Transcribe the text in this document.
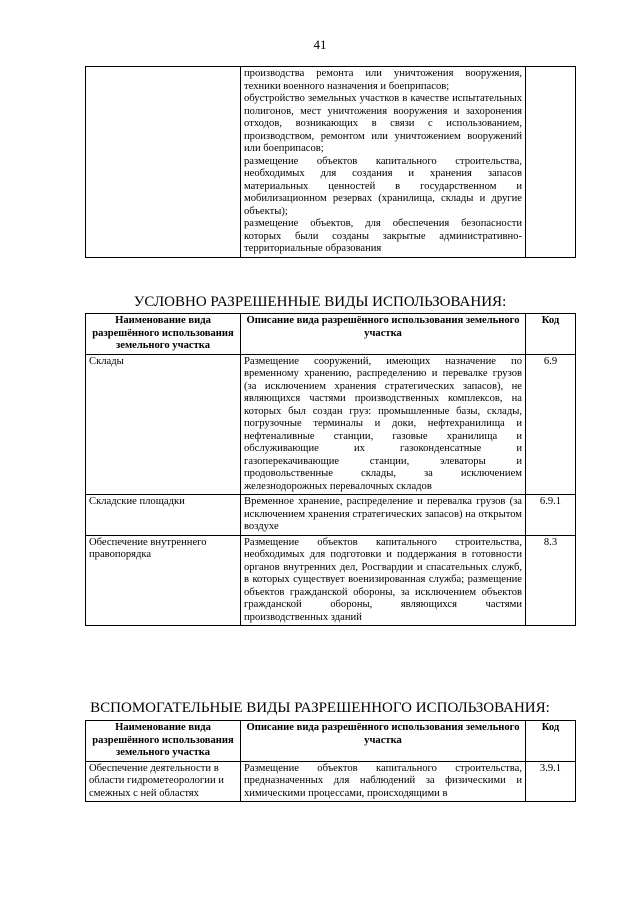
41

производства ремонта или уничтожения вооружения, техники военного назначения и боеприпасов;

обустройство земельных участков в качестве испытательных полигонов, мест уничтожения вооружения и захоронения отходов, возникающих в связи с использованием, производством, ремонтом или уничтожением вооружений или боеприпасов;

размещение объектов капитального строительства, необходимых для создания и хранения запасов материальных ценностей в государственном и мобилизационном резервах (хранилища, склады и другие объекты);

размещение объектов, для обеспечения безопасности которых были созданы закрытые административно-территориальные образования

УСЛОВНО РАЗРЕШЕННЫЕ ВИДЫ ИСПОЛЬЗОВАНИЯ:
Наименование вида разрешённого использования земельного участка	Описание вида разрешённого использования земельного участка	Код
Склады	Размещение сооружений, имеющих назначение по временному хранению, распределению и перевалке грузов (за исключением хранения стратегических запасов), не являющихся частями производственных комплексов, на которых был создан груз: промышленные базы, склады, погрузочные терминалы и доки, нефтехранилища и нефтеналивные станции, газовые хранилища и обслуживающие их газоконденсатные и газоперекачивающие станции, элеваторы и продовольственные склады, за исключением железнодорожных перевалочных складов	6.9
Складские площадки	Временное хранение, распределение и перевалка грузов (за исключением хранения стратегических запасов) на открытом воздухе	6.9.1
Обеспечение внутреннего правопорядка	Размещение объектов капитального строительства, необходимых для подготовки и поддержания в готовности органов внутренних дел, Росгвардии и спасательных служб, в которых существует военизированная служба; размещение объектов гражданской обороны, за исключением объектов гражданской обороны, являющихся частями производственных зданий	8.3
ВСПОМОГАТЕЛЬНЫЕ ВИДЫ РАЗРЕШЕННОГО ИСПОЛЬЗОВАНИЯ:
Наименование вида разрешённого использования земельного участка	Описание вида разрешённого использования земельного участка	Код
Обеспечение деятельности в области гидрометеорологии и смежных с ней областях	Размещение объектов капитального строительства, предназначенных для наблюдений за физическими и химическими процессами, происходящими в	3.9.1
